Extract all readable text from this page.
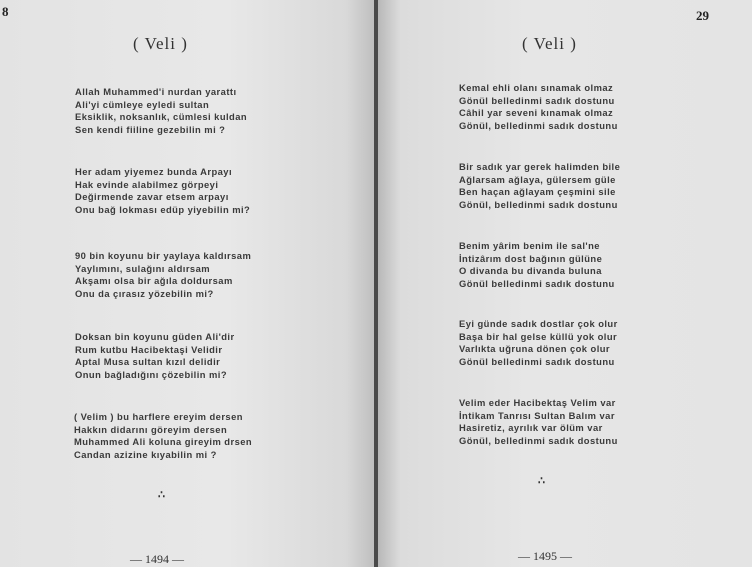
8
( Veli )
Allah Muhammed'i nurdan yarattı
Ali'yi cümleye eyledi sultan
Eksiklik, noksanlık, cümlesi kuldan
Sen kendi fiiline gezebilin mi ?
Her adam yiyemez bunda Arpayı
Hak evinde alabilmez görpeyi
Değirmende zavar etsem arpayı
Onu bağ lokması edüp yiyebilin mi?
90 bin koyunu bir yaylaya kaldırsam
Yaylımını, sulağını aldırsam
Akşamı olsa bir ağıla doldursam
Onu da çırasız yözebilin mi?
Doksan bin koyunu güden Ali'dir
Rum kutbu Hacibektaşi Velidir
Aptal Musa sultan kızıl delidir
Onun bağladığını çözebilin mi?
( Velim ) bu harflere ereyim dersen
Hakkın didarını göreyim dersen
Muhammed Ali koluna gireyim drsen
Candan azizine kıyabilin mi ?
∴
— 1494 —
29
( Veli )
Kemal ehli olanı sınamak olmaz
Gönül belledinmi sadık dostunu
Câhil yar seveni kınamak olmaz
Gönül, belledinmi sadık dostunu
Bir sadık yar gerek halimden bile
Ağlarsam ağlaya, gülersem güle
Ben haçan ağlayam çeşmini sile
Gönül, belledinmi sadık dostunu
Benim yârim benim ile sal'ne
İntizârım dost bağının gülüne
O divanda bu divanda buluna
Gönül belledinmi sadık dostunu
Eyi günde sadık dostlar çok olur
Başa bir hal gelse küllü yok olur
Varlıkta uğruna dönen çok olur
Gönül belledinmi sadık dostunu
Velim eder Hacibektaş Velim var
İntikam Tanrısı Sultan Balım var
Hasiretiz, ayrılık var ölüm var
Gönül, belledinmi sadık dostunu
∴
— 1495 —
